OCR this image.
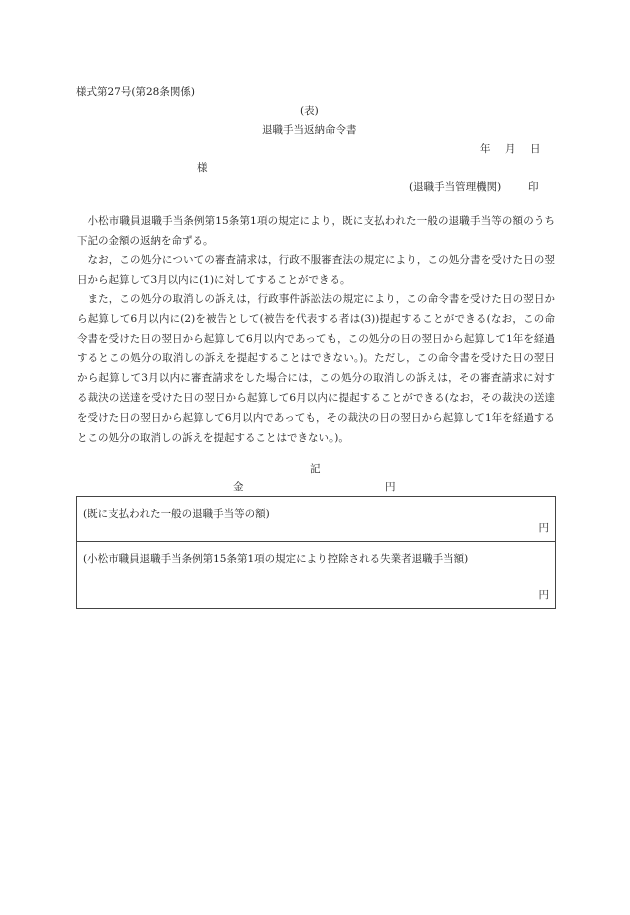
様式第27号(第28条関係)
(表)
退職手当返納命令書
年 月 日
様
(退職手当管理機関)	印
小松市職員退職手当条例第15条第1項の規定により，既に支払われた一般の退職手当等の額のうち下記の金額の返納を命ずる。
なお，この処分についての審査請求は，行政不服審査法の規定により，この処分書を受けた日の翌日から起算して3月以内に(1)に対してすることができる。
また，この処分の取消しの訴えは，行政事件訴訟法の規定により，この命令書を受けた日の翌日から起算して6月以内に(2)を被告として(被告を代表する者は(3))提起することができる(なお，この命令書を受けた日の翌日から起算して6月以内であっても，この処分の日の翌日から起算して1年を経過するとこの処分の取消しの訴えを提起することはできない。)。ただし，この命令書を受けた日の翌日から起算して3月以内に審査請求をした場合には，この処分の取消しの訴えは，その審査請求に対する裁決の送達を受けた日の翌日から起算して6月以内に提起することができる(なお，その裁決の送達を受けた日の翌日から起算して6月以内であっても，その裁決の日の翌日から起算して1年を経過するとこの処分の取消しの訴えを提起することはできない。)。
記
金	円
(既に支払われた一般の退職手当等の額)
円
(小松市職員退職手当条例第15条第1項の規定により控除される失業者退職手当額)
円
